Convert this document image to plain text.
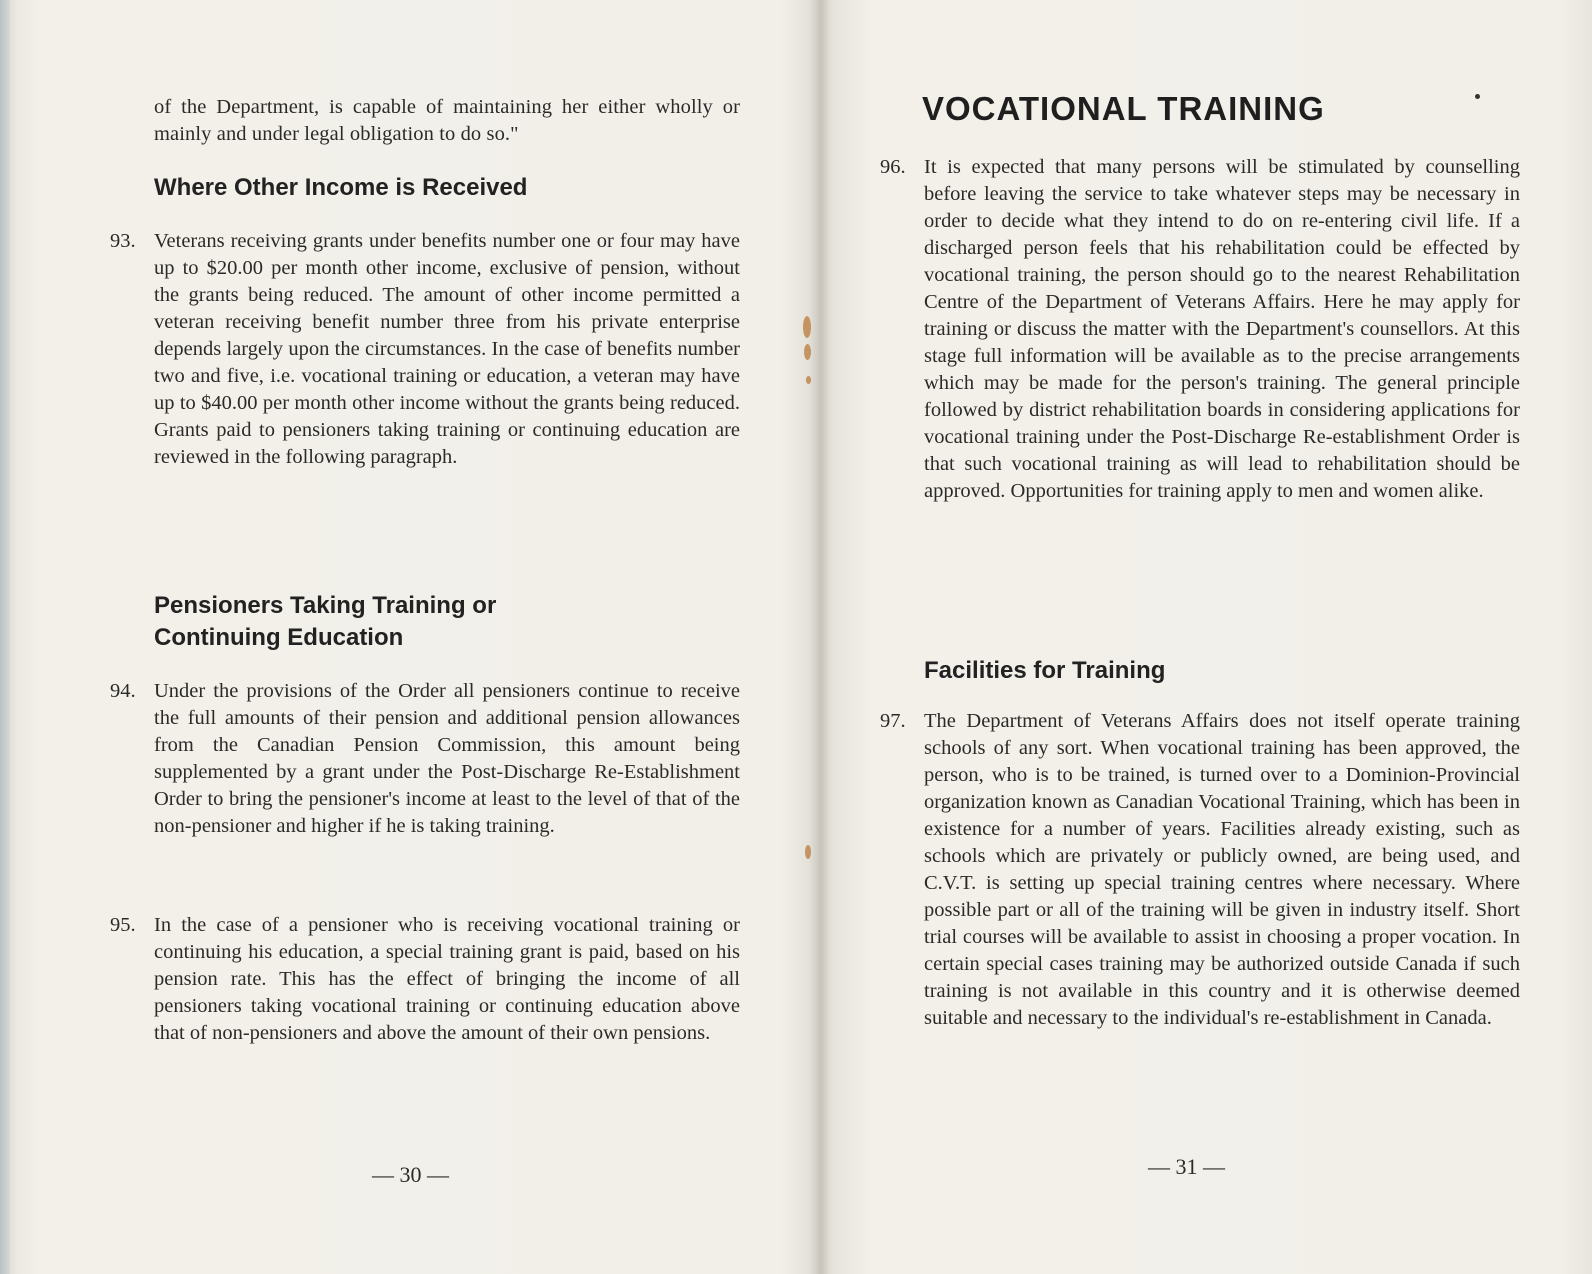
of the Department, is capable of maintaining her either wholly or mainly and under legal obligation to do so."
Where Other Income is Received
93. Veterans receiving grants under benefits number one or four may have up to $20.00 per month other income, exclusive of pension, without the grants being reduced. The amount of other income permitted a veteran receiving benefit number three from his private enterprise depends largely upon the circumstances. In the case of benefits number two and five, i.e. vocational training or education, a veteran may have up to $40.00 per month other income without the grants being reduced. Grants paid to pensioners taking training or continuing education are reviewed in the following paragraph.
Pensioners Taking Training or
Continuing Education
94. Under the provisions of the Order all pensioners continue to receive the full amounts of their pension and additional pension allowances from the Canadian Pension Commission, this amount being supplemented by a grant under the Post-Discharge Re-Establishment Order to bring the pensioner's income at least to the level of that of the non-pensioner and higher if he is taking training.
95. In the case of a pensioner who is receiving vocational training or continuing his education, a special training grant is paid, based on his pension rate. This has the effect of bringing the income of all pensioners taking vocational training or continuing education above that of non-pensioners and above the amount of their own pensions.
— 30 —
VOCATIONAL TRAINING
96. It is expected that many persons will be stimulated by counselling before leaving the service to take whatever steps may be necessary in order to decide what they intend to do on re-entering civil life. If a discharged person feels that his rehabilitation could be effected by vocational training, the person should go to the nearest Rehabilitation Centre of the Department of Veterans Affairs. Here he may apply for training or discuss the matter with the Department's counsellors. At this stage full information will be available as to the precise arrangements which may be made for the person's training. The general principle followed by district rehabilitation boards in considering applications for vocational training under the Post-Discharge Re-establishment Order is that such vocational training as will lead to rehabilitation should be approved. Opportunities for training apply to men and women alike.
Facilities for Training
97. The Department of Veterans Affairs does not itself operate training schools of any sort. When vocational training has been approved, the person, who is to be trained, is turned over to a Dominion-Provincial organization known as Canadian Vocational Training, which has been in existence for a number of years. Facilities already existing, such as schools which are privately or publicly owned, are being used, and C.V.T. is setting up special training centres where necessary. Where possible part or all of the training will be given in industry itself. Short trial courses will be available to assist in choosing a proper vocation. In certain special cases training may be authorized outside Canada if such training is not available in this country and it is otherwise deemed suitable and necessary to the individual's re-establishment in Canada.
— 31 —
